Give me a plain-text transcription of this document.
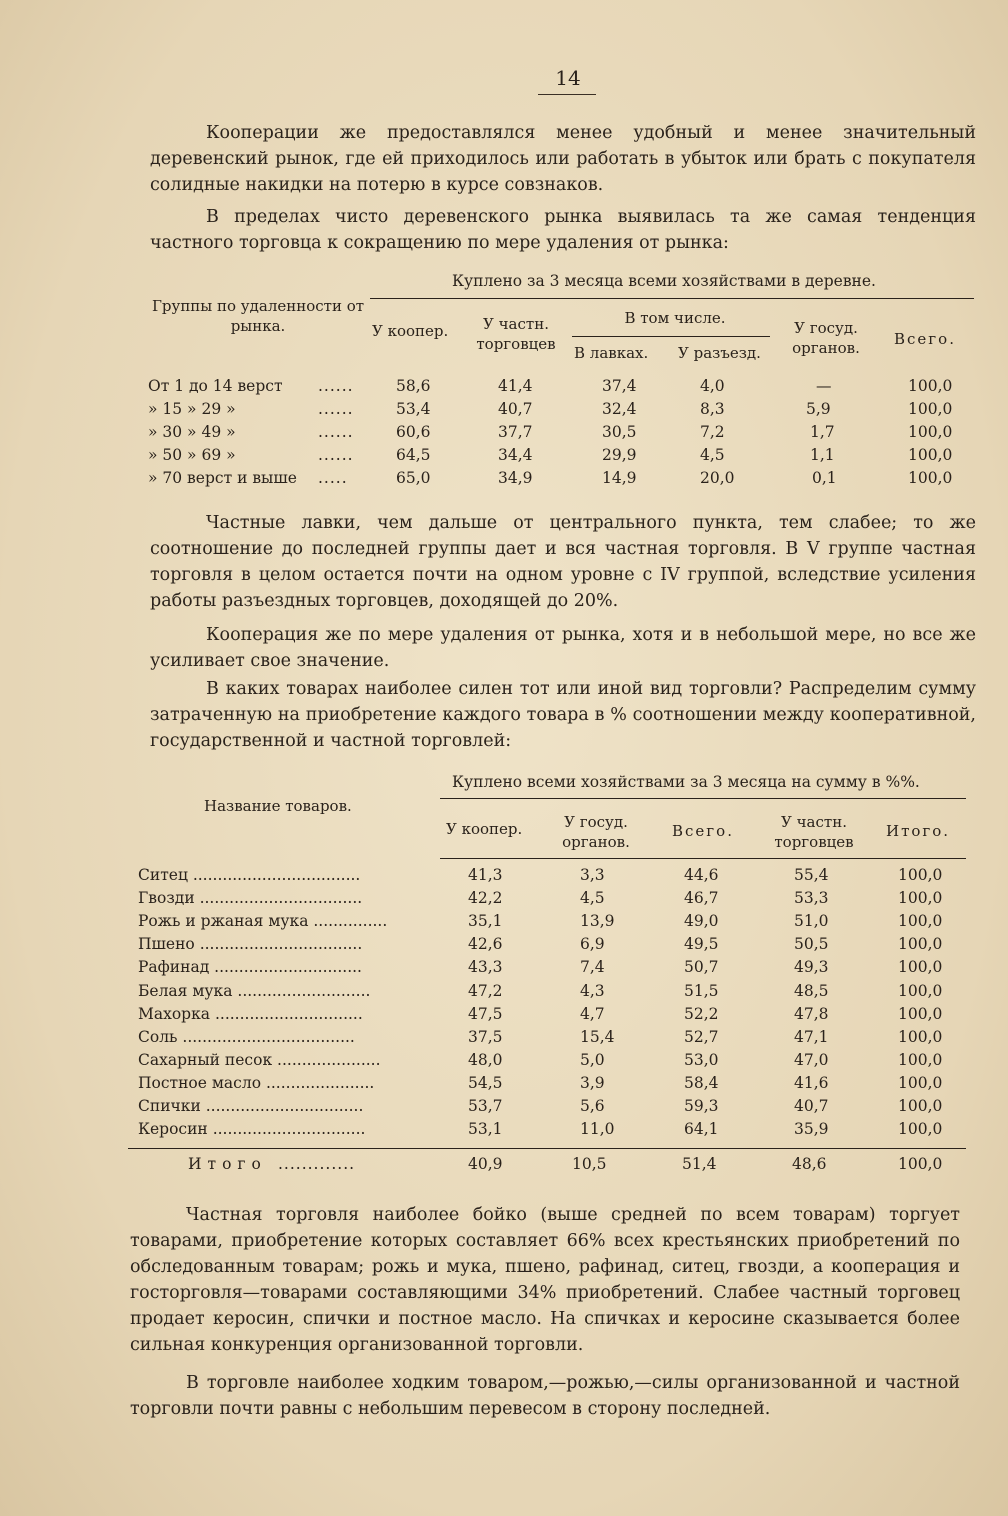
14

Кооперации же предоставлялся менее удобный и менее значительный деревенский рынок, где ей приходилось или работать в убыток или брать с покупателя солидные накидки на потерю в курсе совзнаков.

В пределах чисто деревенского рынка выявилась та же самая тенденция частного торговца к сокращению по мере удаления от рынка:

Куплено за 3 месяца всеми хозяйствами в деревне.
Группы по удаленности от рынка.	У коопер.	У частн. торговцев
В том числе.
В лавках. У разъезд.
У госуд. органов.	Всего.
От 1 до 14 верст ......	58,6	41,4	37,4	4,0	—	100,0
» 15 » 29 »	......	53,4	40,7	32,4	8,3	5,9	100,0
» 30 » 49 »	......	60,6	37,7	30,5	7,2	1,7	100,0
» 50 » 69 »	......	64,5	34,4	29,9	4,5	1,1	100,0
» 70 верст и выше .....	65,0	34,9	14,9	20,0	0,1	100,0

Частные лавки, чем дальше от центрального пункта, тем слабее; то же соотношение до последней группы дает и вся частная торговля. В V группе частная торговля в целом остается почти на одном уровне с IV группой, вследствие усиления работы разъездных торговцев, доходящей до 20%.

Кооперация же по мере удаления от рынка, хотя и в небольшой мере, но все же усиливает свое значение.

В каких товарах наиболее силен тот или иной вид торговли? Распределим сумму затраченную на приобретение каждого товара в % соотношении между кооперативной, государственной и частной торговлей:

Куплено всеми хозяйствами за 3 месяца на сумму в %%.
Название товаров.
У коопер.	У госуд. органов.
Всего.	У частн. торговцев
Итого.
Ситец ..................................	41,3	3,3	44,6	55,4	100,0
Гвозди .................................	42,2	4,5	46,7	53,3	100,0
Рожь и ржаная мука ...............	35,1	13,9	49,0	51,0	100,0
Пшено .................................	42,6	6,9	49,5	50,5	100,0
Рафинад ..............................	43,3	7,4	50,7	49,3	100,0
Белая мука ...........................	47,2	4,3	51,5	48,5	100,0
Махорка ..............................	47,5	4,7	52,2	47,8	100,0
Соль ...................................	37,5	15,4	52,7	47,1	100,0
Сахарный песок .....................	48,0	5,0	53,0	47,0	100,0
Постное масло ......................	54,5	3,9	58,4	41,6	100,0
Спички ................................	53,7	5,6	59,3	40,7	100,0
Керосин ...............................	53,1	11,0	64,1	35,9	100,0
Итого .............	40,9	10,5	51,4	48,6	100,0

Частная торговля наиболее бойко (выше средней по всем товарам) торгует товарами, приобретение которых составляет 66% всех крестьянских приобретений по обследованным товарам; рожь и мука, пшено, рафинад, ситец, гвозди, а кооперация и госторговля—товарами составляющими 34% приобретений. Слабее частный торговец продает керосин, спички и постное масло. На спичках и керосине сказывается более сильная конкуренция организованной торговли.

В торговле наиболее ходким товаром,—рожью,—силы организованной и частной торговли почти равны с небольшим перевесом в сторону последней.
